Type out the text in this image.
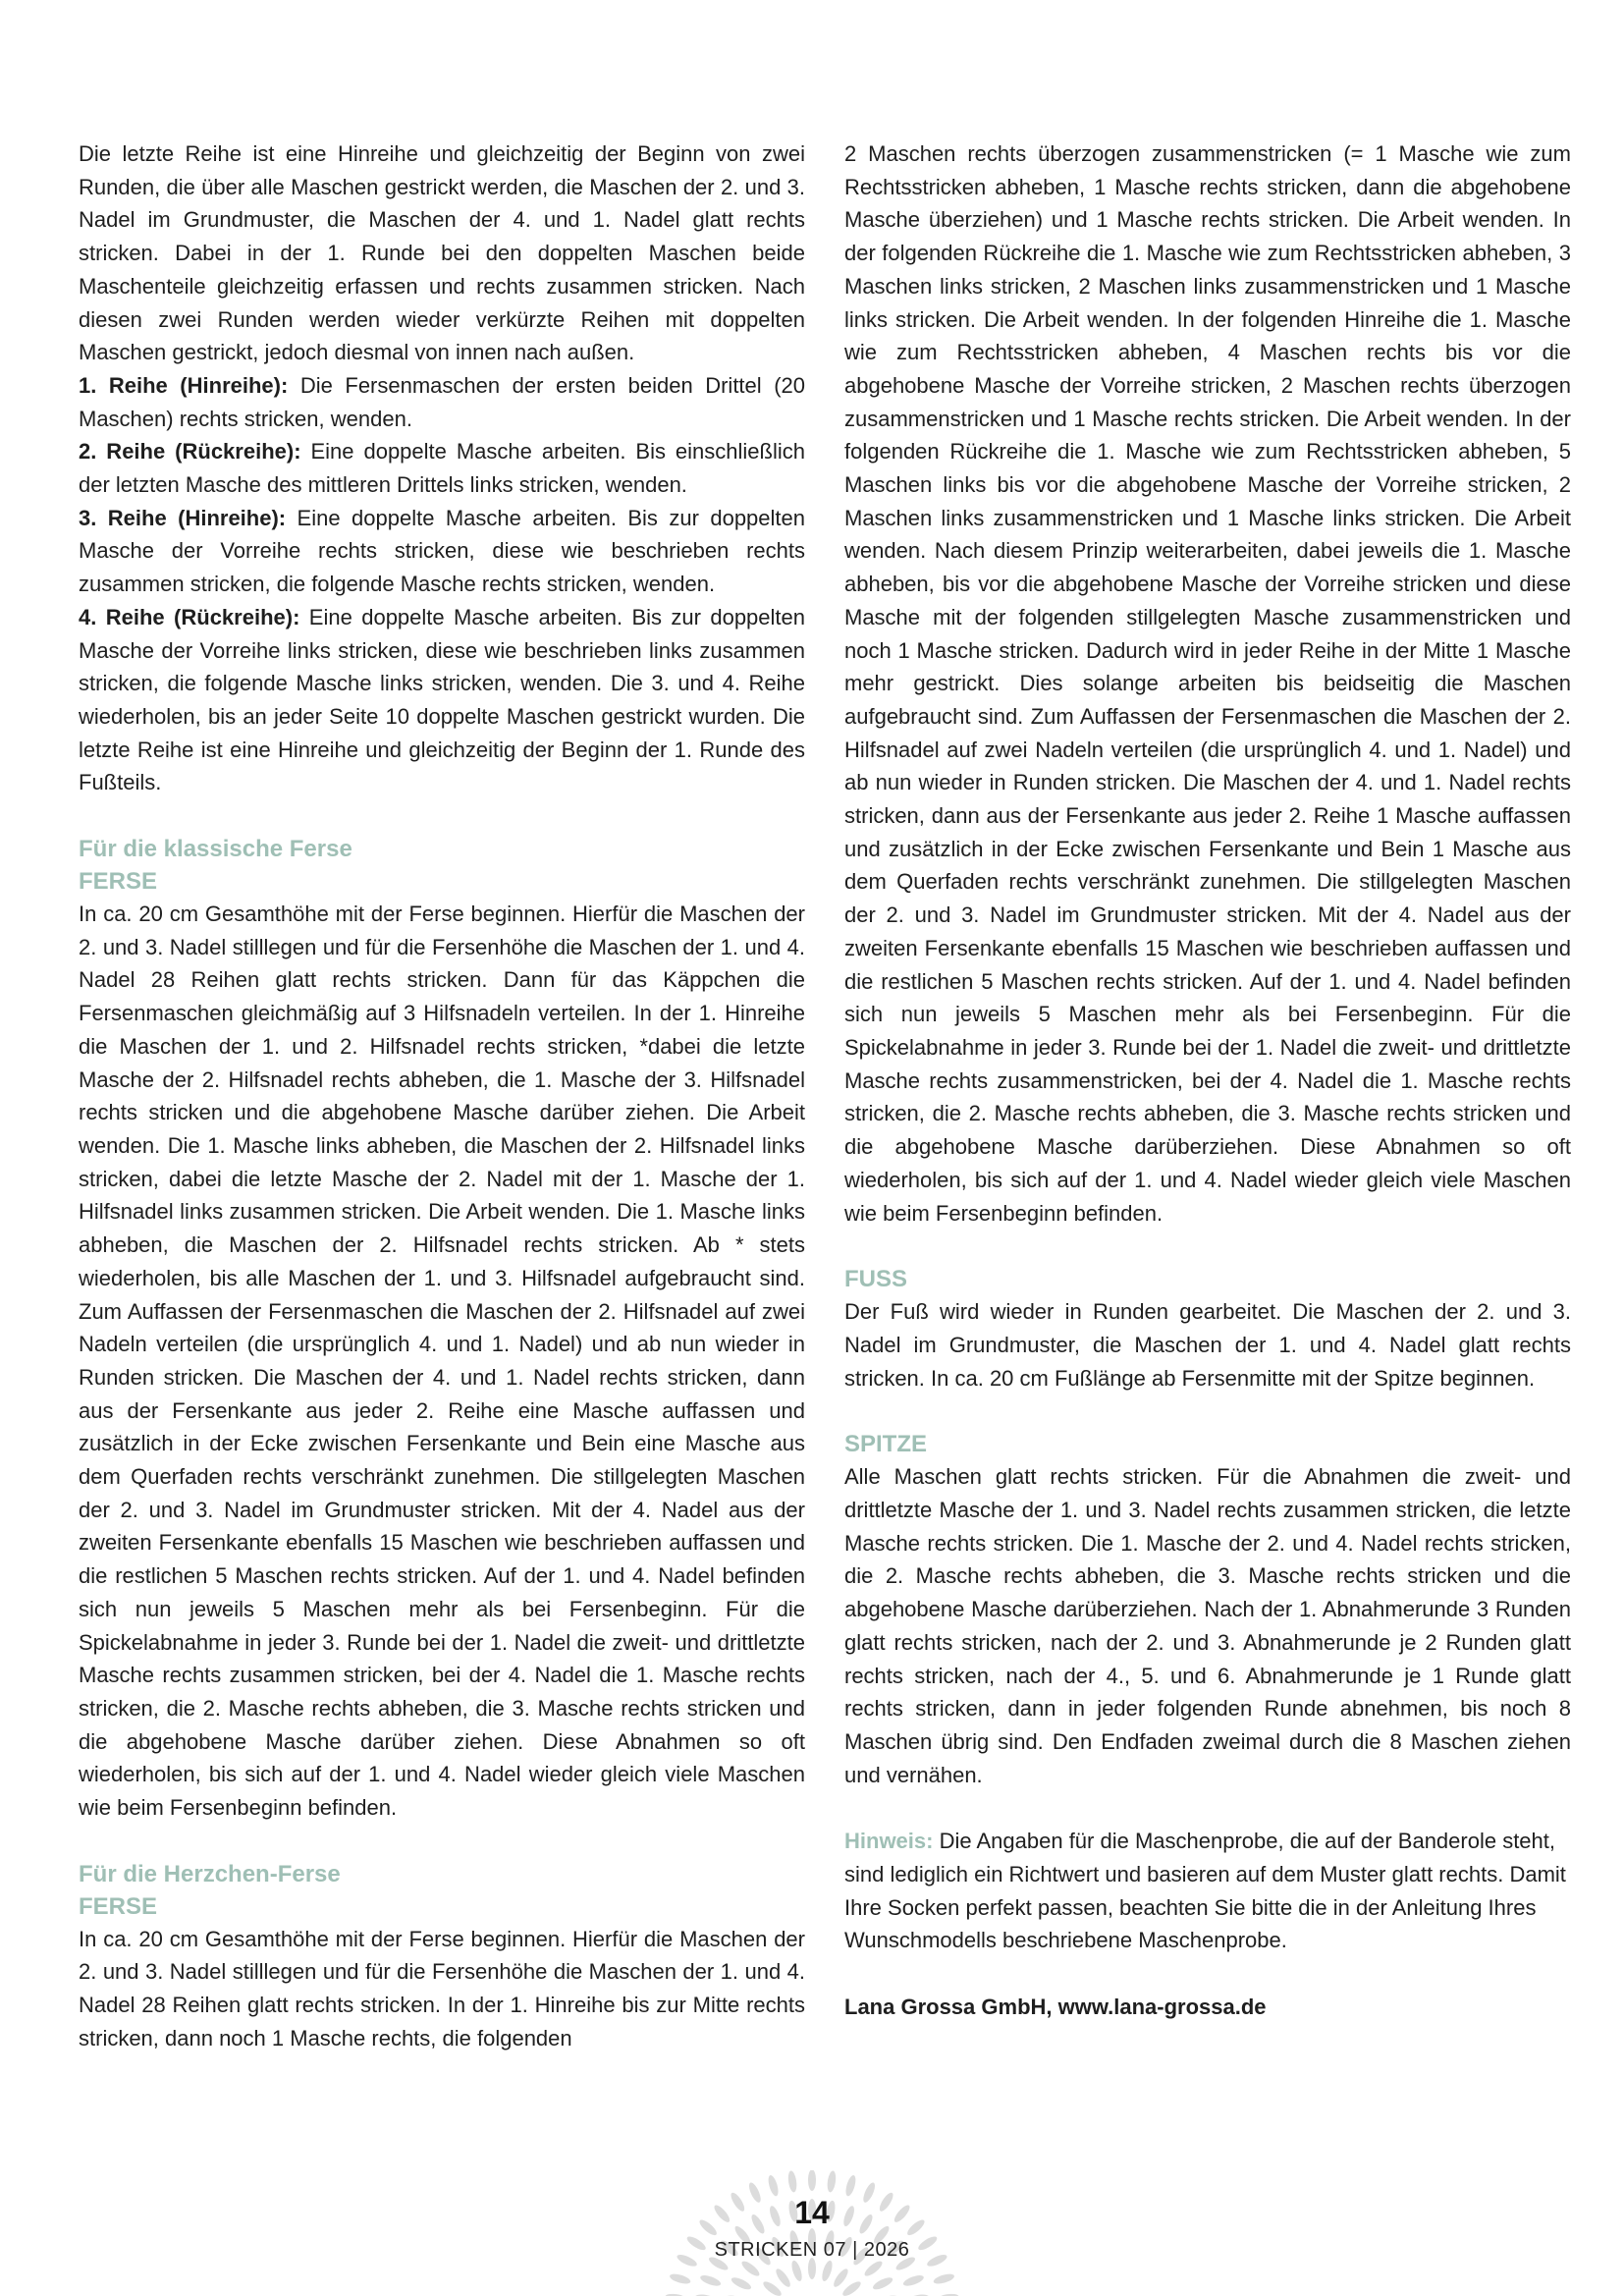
Die letzte Reihe ist eine Hinreihe und gleichzeitig der Beginn von zwei Runden, die über alle Maschen gestrickt werden, die Maschen der 2. und 3. Nadel im Grundmuster, die Maschen der 4. und 1. Nadel glatt rechts stricken. Dabei in der 1. Runde bei den doppelten Maschen beide Maschenteile gleichzeitig erfassen und rechts zusammen stricken. Nach diesen zwei Runden werden wieder verkürzte Reihen mit doppelten Maschen gestrickt, jedoch diesmal von innen nach außen.

1. Reihe (Hinreihe): Die Fersenmaschen der ersten beiden Drittel (20 Maschen) rechts stricken, wenden.

2. Reihe (Rückreihe): Eine doppelte Masche arbeiten. Bis einschließlich der letzten Masche des mittleren Drittels links stricken, wenden.

3. Reihe (Hinreihe): Eine doppelte Masche arbeiten. Bis zur doppelten Masche der Vorreihe rechts stricken, diese wie beschrieben rechts zusammen stricken, die folgende Masche rechts stricken, wenden.

4. Reihe (Rückreihe): Eine doppelte Masche arbeiten. Bis zur doppelten Masche der Vorreihe links stricken, diese wie beschrieben links zusammen stricken, die folgende Masche links stricken, wenden. Die 3. und 4. Reihe wiederholen, bis an jeder Seite 10 doppelte Maschen gestrickt wurden. Die letzte Reihe ist eine Hinreihe und gleichzeitig der Beginn der 1. Runde des Fußteils.

Für die klassische Ferse
FERSE

In ca. 20 cm Gesamthöhe mit der Ferse beginnen. Hierfür die Maschen der 2. und 3. Nadel stilllegen und für die Fersenhöhe die Maschen der 1. und 4. Nadel 28 Reihen glatt rechts stricken. Dann für das Käppchen die Fersenmaschen gleichmäßig auf 3 Hilfsnadeln verteilen. In der 1. Hinreihe die Maschen der 1. und 2. Hilfsnadel rechts stricken, *dabei die letzte Masche der 2. Hilfsnadel rechts abheben, die 1. Masche der 3. Hilfsnadel rechts stricken und die abgehobene Masche darüber ziehen. Die Arbeit wenden. Die 1. Masche links abheben, die Maschen der 2. Hilfsnadel links stricken, dabei die letzte Masche der 2. Nadel mit der 1. Masche der 1. Hilfsnadel links zusammen stricken. Die Arbeit wenden. Die 1. Masche links abheben, die Maschen der 2. Hilfsnadel rechts stricken. Ab * stets wiederholen, bis alle Maschen der 1. und 3. Hilfsnadel aufgebraucht sind. Zum Auffassen der Fersenmaschen die Maschen der 2. Hilfsnadel auf zwei Nadeln verteilen (die ursprünglich 4. und 1. Nadel) und ab nun wieder in Runden stricken. Die Maschen der 4. und 1. Nadel rechts stricken, dann aus der Fersenkante aus jeder 2. Reihe eine Masche auffassen und zusätzlich in der Ecke zwischen Fersenkante und Bein eine Masche aus dem Querfaden rechts verschränkt zunehmen. Die stillgelegten Maschen der 2. und 3. Nadel im Grundmuster stricken. Mit der 4. Nadel aus der zweiten Fersenkante ebenfalls 15 Maschen wie beschrieben auffassen und die restlichen 5 Maschen rechts stricken. Auf der 1. und 4. Nadel befinden sich nun jeweils 5 Maschen mehr als bei Fersenbeginn. Für die Spickelabnahme in jeder 3. Runde bei der 1. Nadel die zweit- und drittletzte Masche rechts zusammen stricken, bei der 4. Nadel die 1. Masche rechts stricken, die 2. Masche rechts abheben, die 3. Masche rechts stricken und die abgehobene Masche darüber ziehen. Diese Abnahmen so oft wiederholen, bis sich auf der 1. und 4. Nadel wieder gleich viele Maschen wie beim Fersenbeginn befinden.

Für die Herzchen-Ferse
FERSE

In ca. 20 cm Gesamthöhe mit der Ferse beginnen. Hierfür die Maschen der 2. und 3. Nadel stilllegen und für die Fersenhöhe die Maschen der 1. und 4. Nadel 28 Reihen glatt rechts stricken. In der 1. Hinreihe bis zur Mitte rechts stricken, dann noch 1 Masche rechts, die folgenden

2 Maschen rechts überzogen zusammenstricken (= 1 Masche wie zum Rechtsstricken abheben, 1 Masche rechts stricken, dann die abgehobene Masche überziehen) und 1 Masche rechts stricken. Die Arbeit wenden. In der folgenden Rückreihe die 1. Masche wie zum Rechtsstricken abheben, 3 Maschen links stricken, 2 Maschen links zusammenstricken und 1 Masche links stricken. Die Arbeit wenden. In der folgenden Hinreihe die 1. Masche wie zum Rechtsstricken abheben, 4 Maschen rechts bis vor die abgehobene Masche der Vorreihe stricken, 2 Maschen rechts überzogen zusammenstricken und 1 Masche rechts stricken. Die Arbeit wenden. In der folgenden Rückreihe die 1. Masche wie zum Rechtsstricken abheben, 5 Maschen links bis vor die abgehobene Masche der Vorreihe stricken, 2 Maschen links zusammenstricken und 1 Masche links stricken. Die Arbeit wenden. Nach diesem Prinzip weiterarbeiten, dabei jeweils die 1. Masche abheben, bis vor die abgehobene Masche der Vorreihe stricken und diese Masche mit der folgenden stillgelegten Masche zusammenstricken und noch 1 Masche stricken. Dadurch wird in jeder Reihe in der Mitte 1 Masche mehr gestrickt. Dies solange arbeiten bis beidseitig die Maschen aufgebraucht sind. Zum Auffassen der Fersenmaschen die Maschen der 2. Hilfsnadel auf zwei Nadeln verteilen (die ursprünglich 4. und 1. Nadel) und ab nun wieder in Runden stricken. Die Maschen der 4. und 1. Nadel rechts stricken, dann aus der Fersenkante aus jeder 2. Reihe 1 Masche auffassen und zusätzlich in der Ecke zwischen Fersenkante und Bein 1 Masche aus dem Querfaden rechts verschränkt zunehmen. Die stillgelegten Maschen der 2. und 3. Nadel im Grundmuster stricken. Mit der 4. Nadel aus der zweiten Fersenkante ebenfalls 15 Maschen wie beschrieben auffassen und die restlichen 5 Maschen rechts stricken. Auf der 1. und 4. Nadel befinden sich nun jeweils 5 Maschen mehr als bei Fersenbeginn. Für die Spickelabnahme in jeder 3. Runde bei der 1. Nadel die zweit- und drittletzte Masche rechts zusammenstricken, bei der 4. Nadel die 1. Masche rechts stricken, die 2. Masche rechts abheben, die 3. Masche rechts stricken und die abgehobene Masche darüberziehen. Diese Abnahmen so oft wiederholen, bis sich auf der 1. und 4. Nadel wieder gleich viele Maschen wie beim Fersenbeginn befinden.

FUSS

Der Fuß wird wieder in Runden gearbeitet. Die Maschen der 2. und 3. Nadel im Grundmuster, die Maschen der 1. und 4. Nadel glatt rechts stricken. In ca. 20 cm Fußlänge ab Fersenmitte mit der Spitze beginnen.

SPITZE

Alle Maschen glatt rechts stricken. Für die Abnahmen die zweit- und drittletzte Masche der 1. und 3. Nadel rechts zusammen stricken, die letzte Masche rechts stricken. Die 1. Masche der 2. und 4. Nadel rechts stricken, die 2. Masche rechts abheben, die 3. Masche rechts stricken und die abgehobene Masche darüberziehen. Nach der 1. Abnahmerunde 3 Runden glatt rechts stricken, nach der 2. und 3. Abnahmerunde je 2 Runden glatt rechts stricken, nach der 4., 5. und 6. Abnahmerunde je 1 Runde glatt rechts stricken, dann in jeder folgenden Runde abnehmen, bis noch 8 Maschen übrig sind. Den Endfaden zweimal durch die 8 Maschen ziehen und vernähen.

Hinweis: Die Angaben für die Maschenprobe, die auf der Banderole steht, sind lediglich ein Richtwert und basieren auf dem Muster glatt rechts. Damit Ihre Socken perfekt passen, beachten Sie bitte die in der Anleitung Ihres Wunschmodells beschriebene Maschenprobe.

Lana Grossa GmbH, www.lana-grossa.de

14
STRICKEN 07 | 2026
